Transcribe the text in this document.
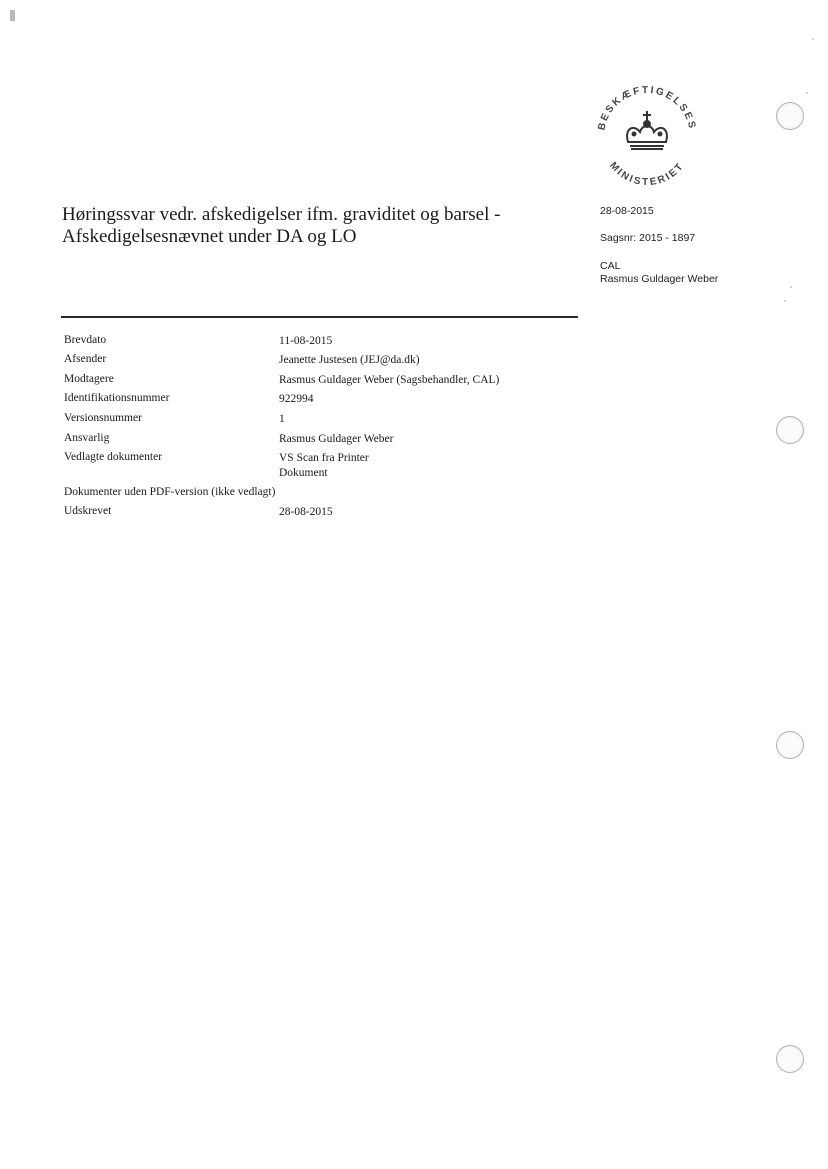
BESKÆFTIGELSES
MINISTERIET
28-08-2015
Sagsnr: 2015 - 1897
CAL
Rasmus Guldager Weber
Høringssvar vedr. afskedigelser ifm. graviditet og barsel -
Afskedigelsesnævnet under DA og LO
Brevdato	11-08-2015
Afsender	Jeanette Justesen (JEJ@da.dk)
Modtagere	Rasmus Guldager Weber (Sagsbehandler, CAL)
Identifikationsnummer	922994
Versionsnummer	1
Ansvarlig	Rasmus Guldager Weber
Vedlagte dokumenter	VS Scan fra Printer
Dokument
Dokumenter uden PDF-version (ikke vedlagt)
Udskrevet	28-08-2015
